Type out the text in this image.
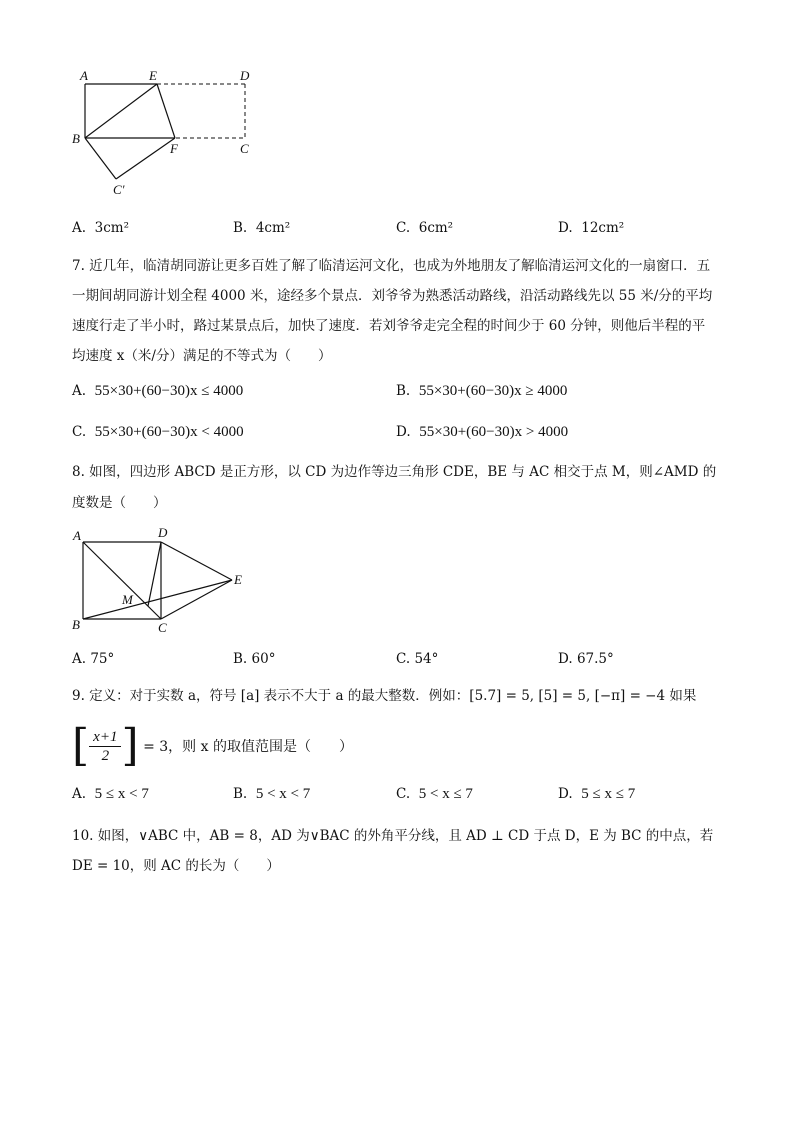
A	E	D
B
F	C
C′
A. 3cm²	B. 4cm²	C. 6cm²	D. 12cm²
7. 近几年，临清胡同游让更多百姓了解了临清运河文化，也成为外地朋友了解临清运河文化的一扇窗口．五
一期间胡同游计划全程 4000 米，途经多个景点．刘爷爷为熟悉活动路线，沿活动路线先以 55 米/分的平均
速度行走了半小时，路过某景点后，加快了速度．若刘爷爷走完全程的时间少于 60 分钟，则他后半程的平
均速度 x（米/分）满足的不等式为（　　）
A. 55×30+(60−30)x ≤ 4000	B. 55×30+(60−30)x ≥ 4000
C. 55×30+(60−30)x < 4000	D. 55×30+(60−30)x > 4000
8. 如图，四边形 ABCD 是正方形，以 CD 为边作等边三角形 CDE，BE 与 AC 相交于点 M，则∠AMD 的
度数是（　　）
A	D
E
M
B	C
A. 75°	B. 60°	C. 54°	D. 67.5°
9. 定义：对于实数 a，符号 [a] 表示不大于 a 的最大整数．例如：[5.7] = 5, [5] = 5, [−π] = −4 如果
[ $\frac{x+1}{2}$ ] = 3，则 x 的取值范围是（　　）
A. 5 ≤ x < 7	B. 5 < x < 7	C. 5 < x ≤ 7	D. 5 ≤ x ≤ 7
10. 如图，∨ABC 中，AB = 8，AD 为∨BAC 的外角平分线，且 AD ⊥ CD 于点 D，E 为 BC 的中点，若
DE = 10，则 AC 的长为（　　）
